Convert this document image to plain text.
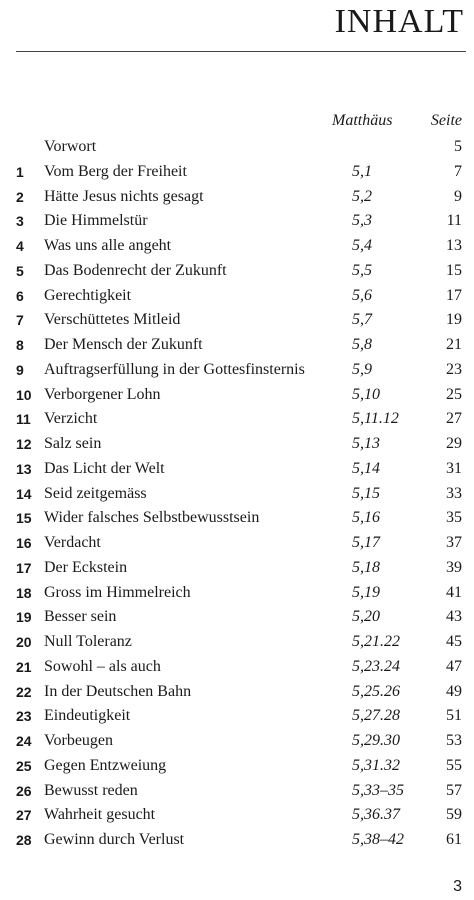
INHALT
Matthäus Seite
Vorwort	5
1 Vom Berg der Freiheit	5,1	7
2 Hätte Jesus nichts gesagt	5,2	9
3 Die Himmelstür	5,3	11
4 Was uns alle angeht	5,4	13
5 Das Bodenrecht der Zukunft	5,5	15
6 Gerechtigkeit	5,6	17
7 Verschüttetes Mitleid	5,7	19
8 Der Mensch der Zukunft	5,8	21
9 Auftragserfüllung in der Gottesfinsternis	5,9	23
10 Verborgener Lohn	5,10	25
11 Verzicht	5,11.12	27
12 Salz sein	5,13	29
13 Das Licht der Welt	5,14	31
14 Seid zeitgemäss	5,15	33
15 Wider falsches Selbstbewusstsein	5,16	35
16 Verdacht	5,17	37
17 Der Eckstein	5,18	39
18 Gross im Himmelreich	5,19	41
19 Besser sein	5,20	43
20 Null Toleranz	5,21.22	45
21 Sowohl – als auch	5,23.24	47
22 In der Deutschen Bahn	5,25.26	49
23 Eindeutigkeit	5,27.28	51
24 Vorbeugen	5,29.30	53
25 Gegen Entzweiung	5,31.32	55
26 Bewusst reden	5,33–35	57
27 Wahrheit gesucht	5,36.37	59
28 Gewinn durch Verlust	5,38–42	61
3
